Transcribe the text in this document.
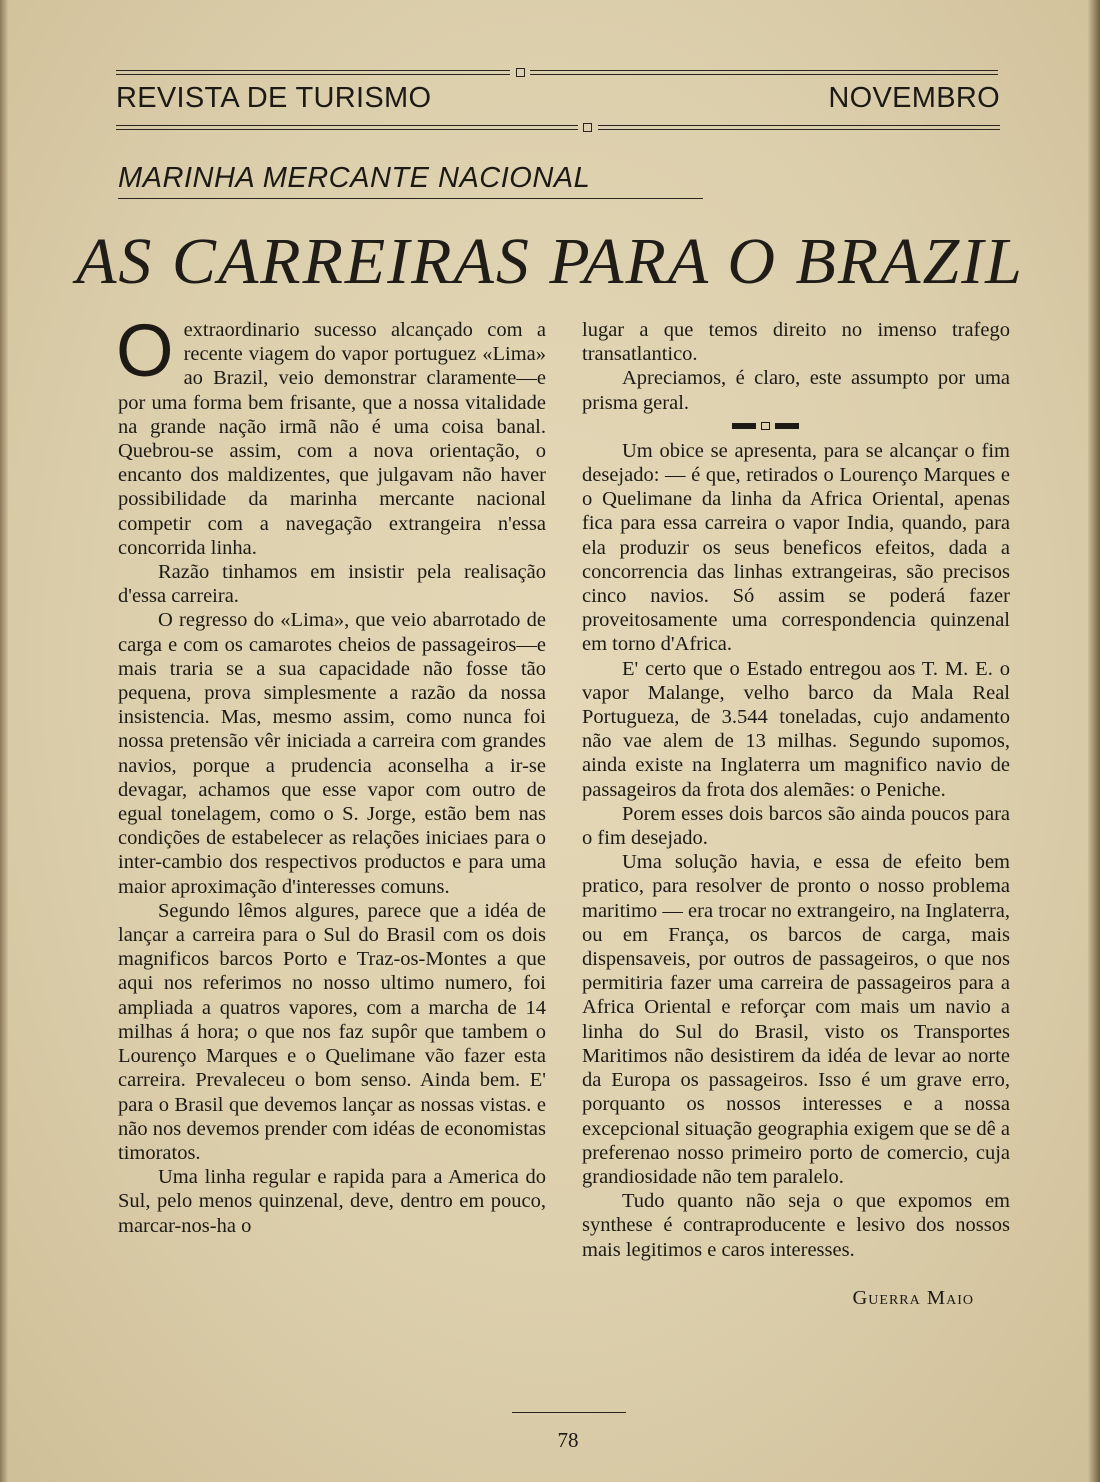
REVISTA DE TURISMO	NOVEMBRO
MARINHA MERCANTE NACIONAL
AS CARREIRAS PARA O BRAZIL

Oextraordinario sucesso alcançado com a recente viagem do vapor portuguez «Lima» ao Brazil, veio demonstrar claramente—e por uma forma bem frisante, que a nossa vitalidade na grande nação irmã não é uma coisa banal. Quebrou-se assim, com a nova orientação, o encanto dos maldizentes, que julgavam não haver possibilidade da marinha mercante nacional competir com a navegação extrangeira n'essa concorrida linha.

Razão tinhamos em insistir pela realisação d'essa carreira.

O regresso do «Lima», que veio abarrotado de carga e com os camarotes cheios de passageiros—e mais traria se a sua capacidade não fosse tão pequena, prova simplesmente a razão da nossa insistencia. Mas, mesmo assim, como nunca foi nossa pretensão vêr iniciada a carreira com grandes navios, porque a prudencia aconselha a ir-se devagar, achamos que esse vapor com outro de egual tonelagem, como o S. Jorge, estão bem nas condições de estabelecer as relações iniciaes para o inter-cambio dos respectivos productos e para uma maior aproximação d'interesses comuns.

Segundo lêmos algures, parece que a idéa de lançar a carreira para o Sul do Brasil com os dois magnificos barcos Porto e Traz-os-Montes a que aqui nos referimos no nosso ultimo numero, foi ampliada a quatros vapores, com a marcha de 14 milhas á hora; o que nos faz supôr que tambem o Lourenço Marques e o Quelimane vão fazer esta carreira. Prevaleceu o bom senso. Ainda bem. E' para o Brasil que devemos lançar as nossas vistas. e não nos devemos prender com idéas de economistas timoratos.

Uma linha regular e rapida para a America do Sul, pelo menos quinzenal, deve, dentro em pouco, marcar-nos-ha o

lugar a que temos direito no imenso trafego transatlantico.

Apreciamos, é claro, este assumpto por uma prisma geral.

Um obice se apresenta, para se alcançar o fim desejado: — é que, retirados o Lourenço Marques e o Quelimane da linha da Africa Oriental, apenas fica para essa carreira o vapor India, quando, para ela produzir os seus beneficos efeitos, dada a concorrencia das linhas extrangeiras, são precisos cinco navios. Só assim se poderá fazer proveitosamente uma correspondencia quinzenal em torno d'Africa.

E' certo que o Estado entregou aos T. M. E. o vapor Malange, velho barco da Mala Real Portugueza, de 3.544 toneladas, cujo andamento não vae alem de 13 milhas. Segundo supomos, ainda existe na Inglaterra um magnifico navio de passageiros da frota dos alemães: o Peniche.

Porem esses dois barcos são ainda poucos para o fim desejado.

Uma solução havia, e essa de efeito bem pratico, para resolver de pronto o nosso problema maritimo — era trocar no extrangeiro, na Inglaterra, ou em França, os barcos de carga, mais dispensaveis, por outros de passageiros, o que nos permitiria fazer uma carreira de passageiros para a Africa Oriental e reforçar com mais um navio a linha do Sul do Brasil, visto os Transportes Maritimos não desistirem da idéa de levar ao norte da Europa os passageiros. Isso é um grave erro, porquanto os nossos interesses e a nossa excepcional situação geographia exigem que se dê a preferenao nosso primeiro porto de comercio, cuja grandiosidade não tem paralelo.

Tudo quanto não seja o que expomos em synthese é contraproducente e lesivo dos nossos mais legitimos e caros interesses.

Guerra Maio
78
